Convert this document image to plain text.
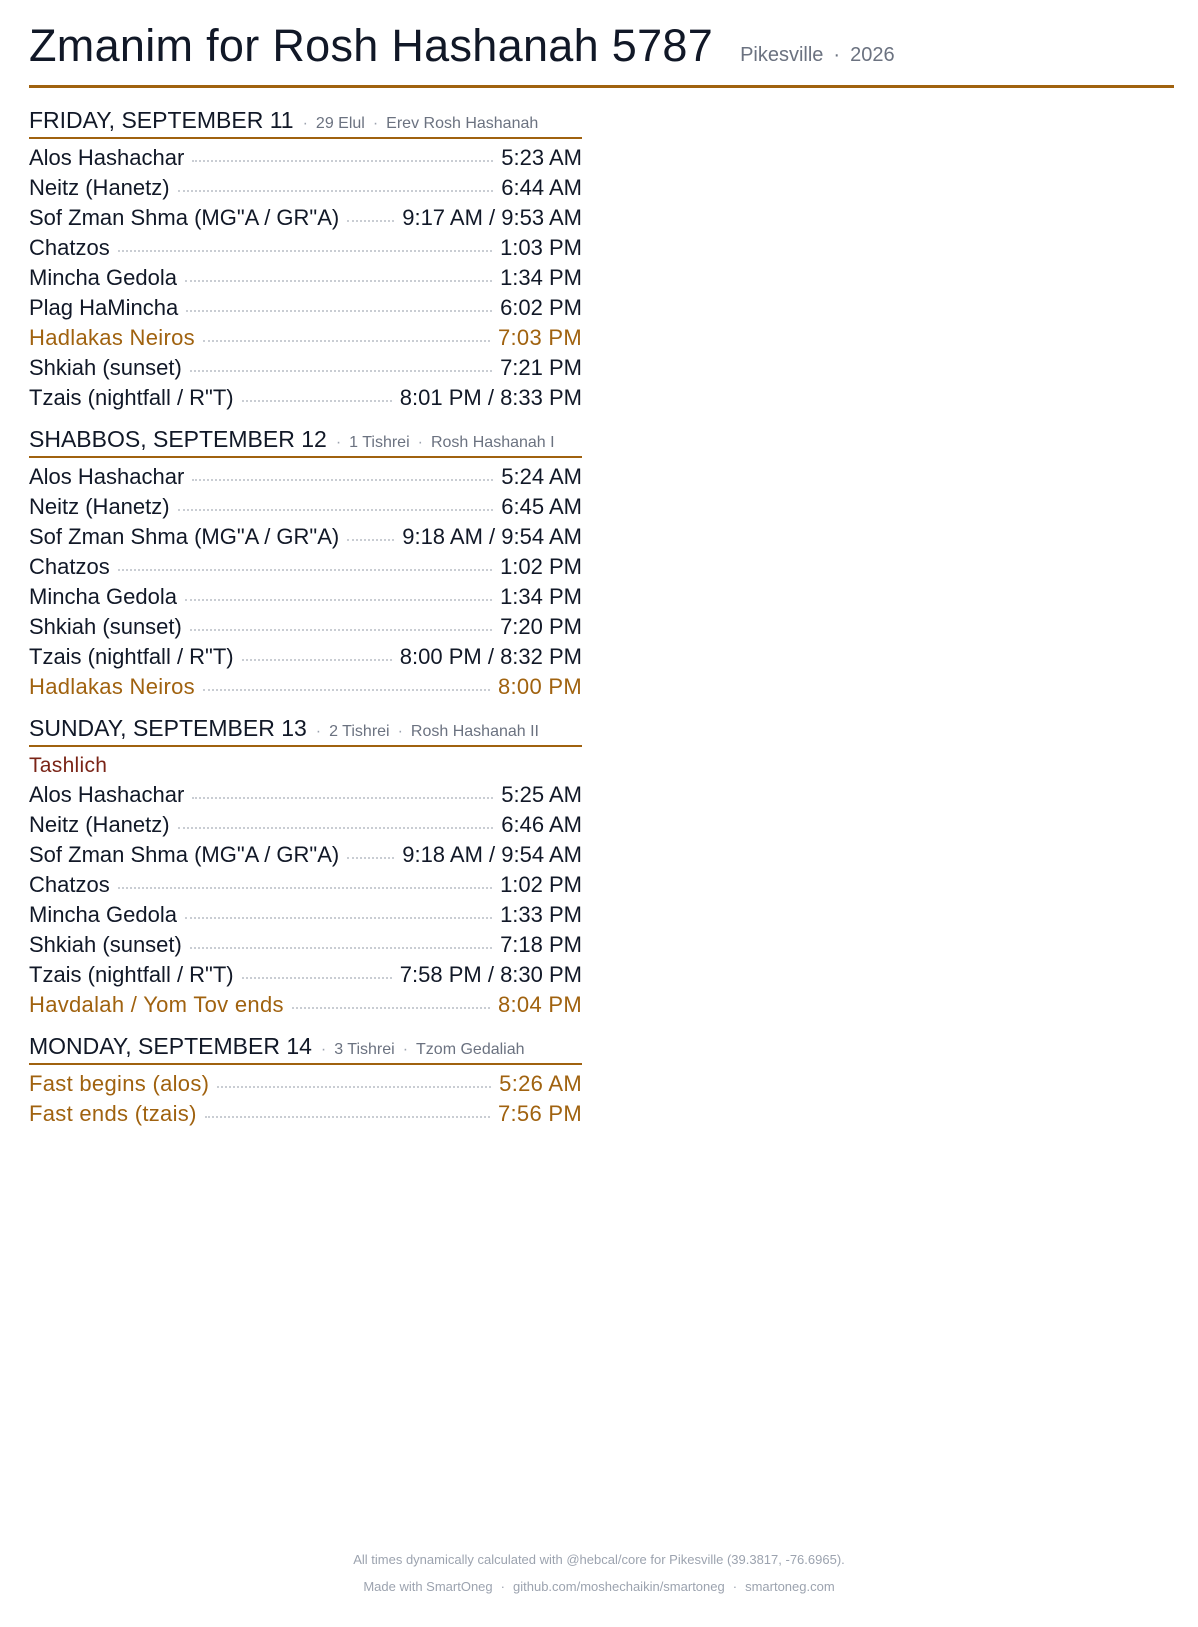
Zmanim for Rosh Hashanah 5787 Pikesville · 2026
FRIDAY, SEPTEMBER 11 · 29 Elul · Erev Rosh Hashanah
Alos Hashachar	5:23 AM
Neitz (Hanetz)	6:44 AM
Sof Zman Shma (MG"A / GR"A)	9:17 AM / 9:53 AM
Chatzos	1:03 PM
Mincha Gedola	1:34 PM
Plag HaMincha	6:02 PM
Hadlakas Neiros	7:03 PM
Shkiah (sunset)	7:21 PM
Tzais (nightfall / R"T)	8:01 PM / 8:33 PM
SHABBOS, SEPTEMBER 12 · 1 Tishrei · Rosh Hashanah I
Alos Hashachar	5:24 AM
Neitz (Hanetz)	6:45 AM
Sof Zman Shma (MG"A / GR"A)	9:18 AM / 9:54 AM
Chatzos	1:02 PM
Mincha Gedola	1:34 PM
Shkiah (sunset)	7:20 PM
Tzais (nightfall / R"T)	8:00 PM / 8:32 PM
Hadlakas Neiros	8:00 PM
SUNDAY, SEPTEMBER 13 · 2 Tishrei · Rosh Hashanah II
Tashlich
Alos Hashachar	5:25 AM
Neitz (Hanetz)	6:46 AM
Sof Zman Shma (MG"A / GR"A)	9:18 AM / 9:54 AM
Chatzos	1:02 PM
Mincha Gedola	1:33 PM
Shkiah (sunset)	7:18 PM
Tzais (nightfall / R"T)	7:58 PM / 8:30 PM
Havdalah / Yom Tov ends	8:04 PM
MONDAY, SEPTEMBER 14 · 3 Tishrei · Tzom Gedaliah
Fast begins (alos)	5:26 AM
Fast ends (tzais)	7:56 PM
All times dynamically calculated with @hebcal/core for Pikesville (39.3817, -76.6965).
Made with SmartOneg · github.com/moshechaikin/smartoneg · smartoneg.com
